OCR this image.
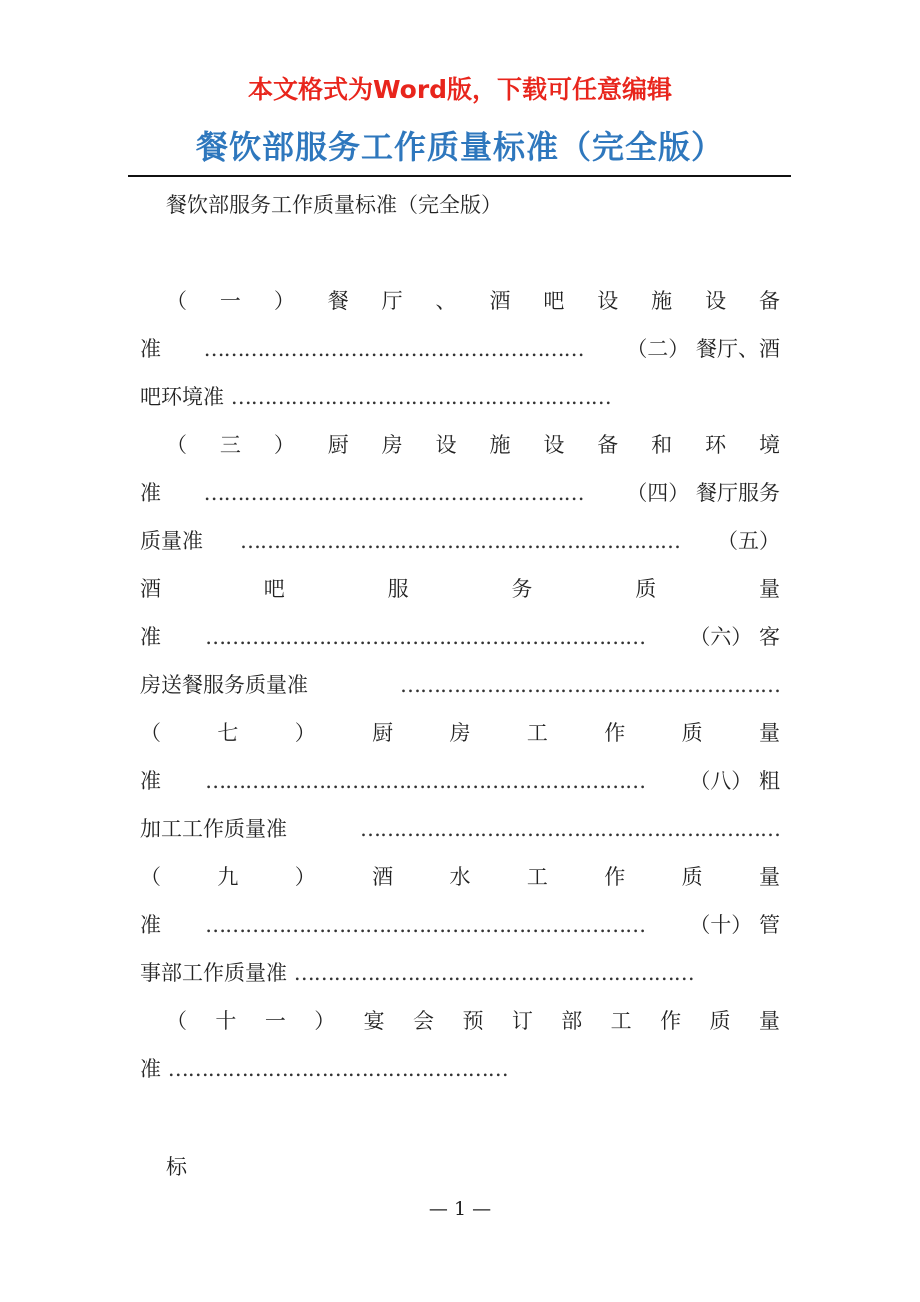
本文格式为Word版，下载可任意编辑
餐饮部服务工作质量标准（完全版）
餐饮部服务工作质量标准（完全版）
（ 一 ） 餐 厅 、 酒 吧 设 施 设 备
准 ………………………………………………… （二） 餐厅、酒
吧环境准 …………………………………………………
（ 三 ） 厨 房 设 施 设 备 和 环 境
准 ………………………………………………… （四） 餐厅服务
质量准 ………………………………………………………… （五）
酒	吧	服	务	质	量
准 ………………………………………………………… （六） 客
房送餐服务质量准	…………………………………………………
（	七	）	厨	房	工	作	质	量
准 ………………………………………………………… （八） 粗
加工工作质量准	………………………………………………………
（	九	）	酒	水	工	作	质	量
准 ………………………………………………………… （十） 管
事部工作质量准 ……………………………………………………
（ 十 一 ） 宴 会 预 订 部 工 作 质 量
准 ……………………………………………
标
— 1 —
